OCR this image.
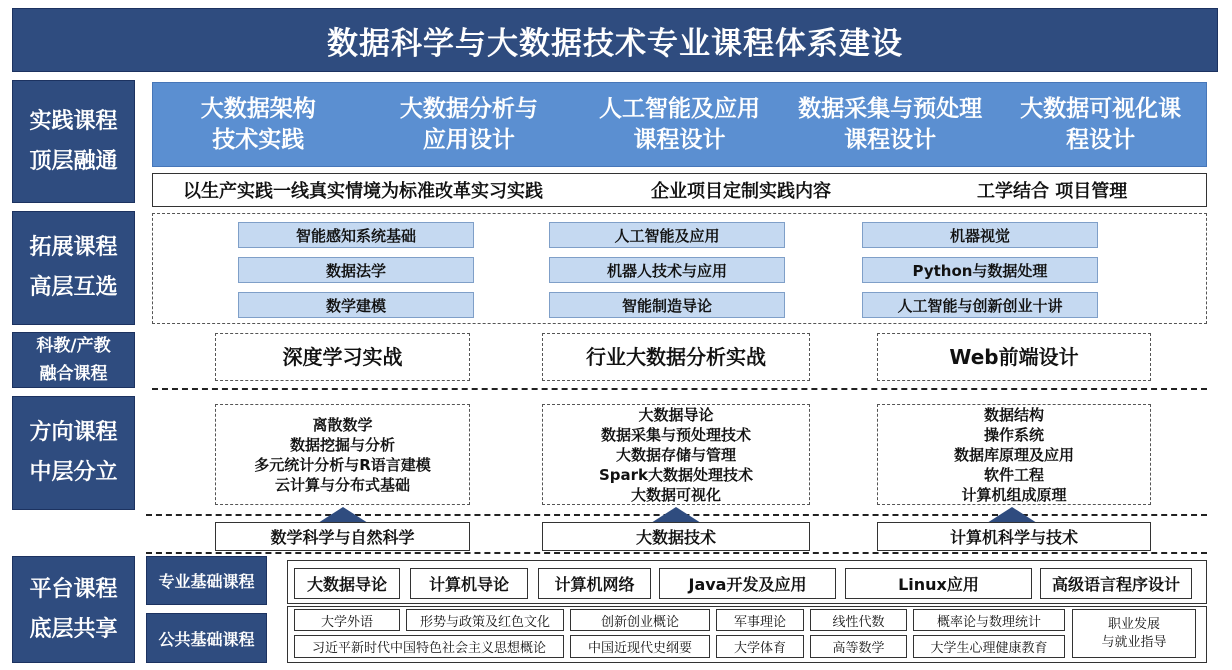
数据科学与大数据技术专业课程体系建设
实践课程
顶层融通
拓展课程
高层互选
科教/产教
融合课程
方向课程
中层分立
平台课程
底层共享
专业基础课程
公共基础课程
大数据架构
技术实践
大数据分析与
应用设计
人工智能及应用
课程设计
数据采集与预处理
课程设计
大数据可视化课
程设计
以生产实践一线真实情境为标准改革实习实践	企业项目定制实践内容	工学结合 项目管理
智能感知系统基础
数据法学
数学建模
人工智能及应用
机器人技术与应用
智能制造导论
机器视觉
Python与数据处理
人工智能与创新创业十讲
深度学习实战	行业大数据分析实战	Web前端设计
离散数学
数据挖掘与分析
多元统计分析与R语言建模
云计算与分布式基础
大数据导论
数据采集与预处理技术
大数据存储与管理
Spark大数据处理技术
大数据可视化
数据结构
操作系统
数据库原理及应用
软件工程
计算机组成原理
数学科学与自然科学	大数据技术	计算机科学与技术
大数据导论	计算机导论	计算机网络	Java开发及应用	Linux应用	高级语言程序设计
大学外语	形势与政策及红色文化	创新创业概论	军事理论	线性代数	概率论与数理统计
习近平新时代中国特色社会主义思想概论	中国近现代史纲要	大学体育	高等数学	大学生心理健康教育
职业发展
与就业指导
